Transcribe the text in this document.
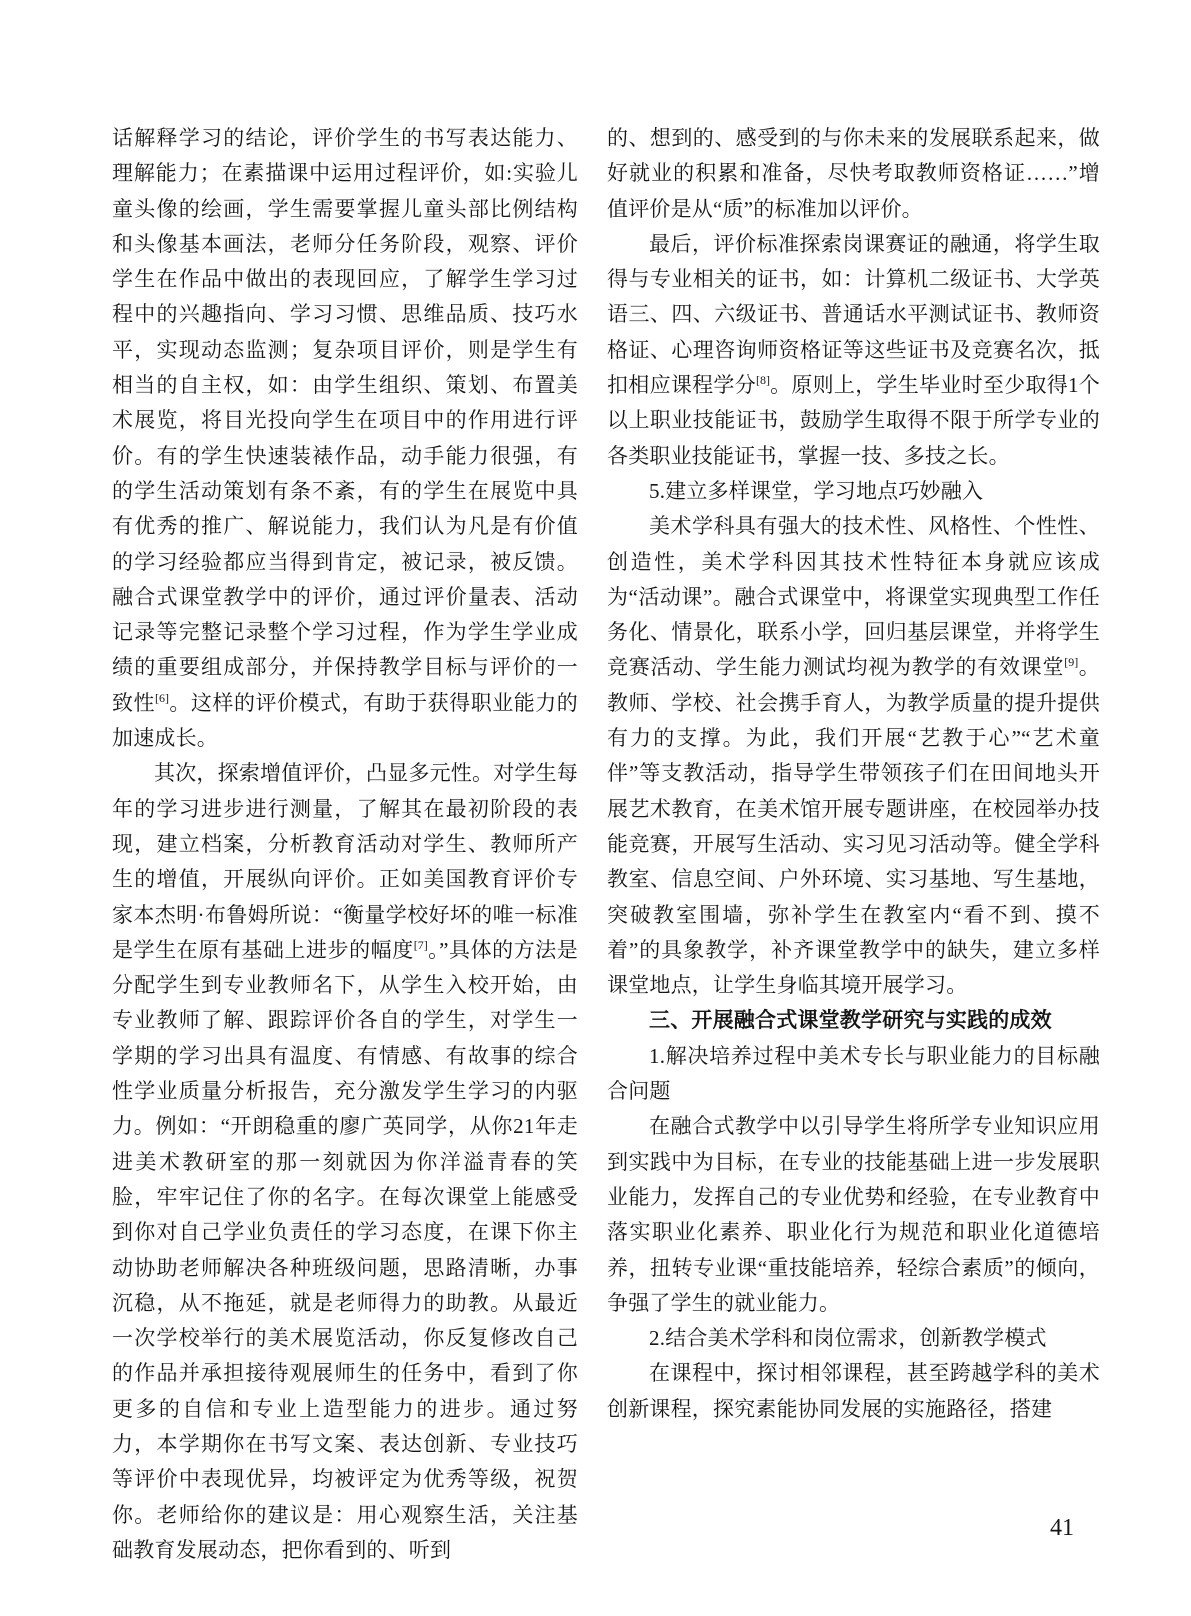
话解释学习的结论，评价学生的书写表达能力、理解能力；在素描课中运用过程评价，如:实验儿童头像的绘画，学生需要掌握儿童头部比例结构和头像基本画法，老师分任务阶段，观察、评价学生在作品中做出的表现回应，了解学生学习过程中的兴趣指向、学习习惯、思维品质、技巧水平，实现动态监测；复杂项目评价，则是学生有相当的自主权，如：由学生组织、策划、布置美术展览，将目光投向学生在项目中的作用进行评价。有的学生快速装裱作品，动手能力很强，有的学生活动策划有条不紊，有的学生在展览中具有优秀的推广、解说能力，我们认为凡是有价值的学习经验都应当得到肯定，被记录，被反馈。融合式课堂教学中的评价，通过评价量表、活动记录等完整记录整个学习过程，作为学生学业成绩的重要组成部分，并保持教学目标与评价的一致性[6]。这样的评价模式，有助于获得职业能力的加速成长。

其次，探索增值评价，凸显多元性。对学生每年的学习进步进行测量，了解其在最初阶段的表现，建立档案，分析教育活动对学生、教师所产生的增值，开展纵向评价。正如美国教育评价专家本杰明·布鲁姆所说：“衡量学校好坏的唯一标准是学生在原有基础上进步的幅度[7]。”具体的方法是分配学生到专业教师名下，从学生入校开始，由专业教师了解、跟踪评价各自的学生，对学生一学期的学习出具有温度、有情感、有故事的综合性学业质量分析报告，充分激发学生学习的内驱力。例如：“开朗稳重的廖广英同学，从你21年走进美术教研室的那一刻就因为你洋溢青春的笑脸，牢牢记住了你的名字。在每次课堂上能感受到你对自己学业负责任的学习态度，在课下你主动协助老师解决各种班级问题，思路清晰，办事沉稳，从不拖延，就是老师得力的助教。从最近一次学校举行的美术展览活动，你反复修改自己的作品并承担接待观展师生的任务中，看到了你更多的自信和专业上造型能力的进步。通过努力，本学期你在书写文案、表达创新、专业技巧等评价中表现优异，均被评定为优秀等级，祝贺你。老师给你的建议是：用心观察生活，关注基础教育发展动态，把你看到的、听到

的、想到的、感受到的与你未来的发展联系起来，做好就业的积累和准备，尽快考取教师资格证……”增值评价是从“质”的标准加以评价。

最后，评价标准探索岗课赛证的融通，将学生取得与专业相关的证书，如：计算机二级证书、大学英语三、四、六级证书、普通话水平测试证书、教师资格证、心理咨询师资格证等这些证书及竞赛名次，抵扣相应课程学分[8]。原则上，学生毕业时至少取得1个以上职业技能证书，鼓励学生取得不限于所学专业的各类职业技能证书，掌握一技、多技之长。

5.建立多样课堂，学习地点巧妙融入

美术学科具有强大的技术性、风格性、个性性、创造性，美术学科因其技术性特征本身就应该成为“活动课”。融合式课堂中，将课堂实现典型工作任务化、情景化，联系小学，回归基层课堂，并将学生竞赛活动、学生能力测试均视为教学的有效课堂[9]。教师、学校、社会携手育人，为教学质量的提升提供有力的支撑。为此，我们开展“艺教于心”“艺术童伴”等支教活动，指导学生带领孩子们在田间地头开展艺术教育，在美术馆开展专题讲座，在校园举办技能竞赛，开展写生活动、实习见习活动等。健全学科教室、信息空间、户外环境、实习基地、写生基地，突破教室围墙，弥补学生在教室内“看不到、摸不着”的具象教学，补齐课堂教学中的缺失，建立多样课堂地点，让学生身临其境开展学习。

三、开展融合式课堂教学研究与实践的成效

1.解决培养过程中美术专长与职业能力的目标融合问题

在融合式教学中以引导学生将所学专业知识应用到实践中为目标，在专业的技能基础上进一步发展职业能力，发挥自己的专业优势和经验，在专业教育中落实职业化素养、职业化行为规范和职业化道德培养，扭转专业课“重技能培养，轻综合素质”的倾向，争强了学生的就业能力。

2.结合美术学科和岗位需求，创新教学模式

在课程中，探讨相邻课程，甚至跨越学科的美术创新课程，探究素能协同发展的实施路径，搭建

41
